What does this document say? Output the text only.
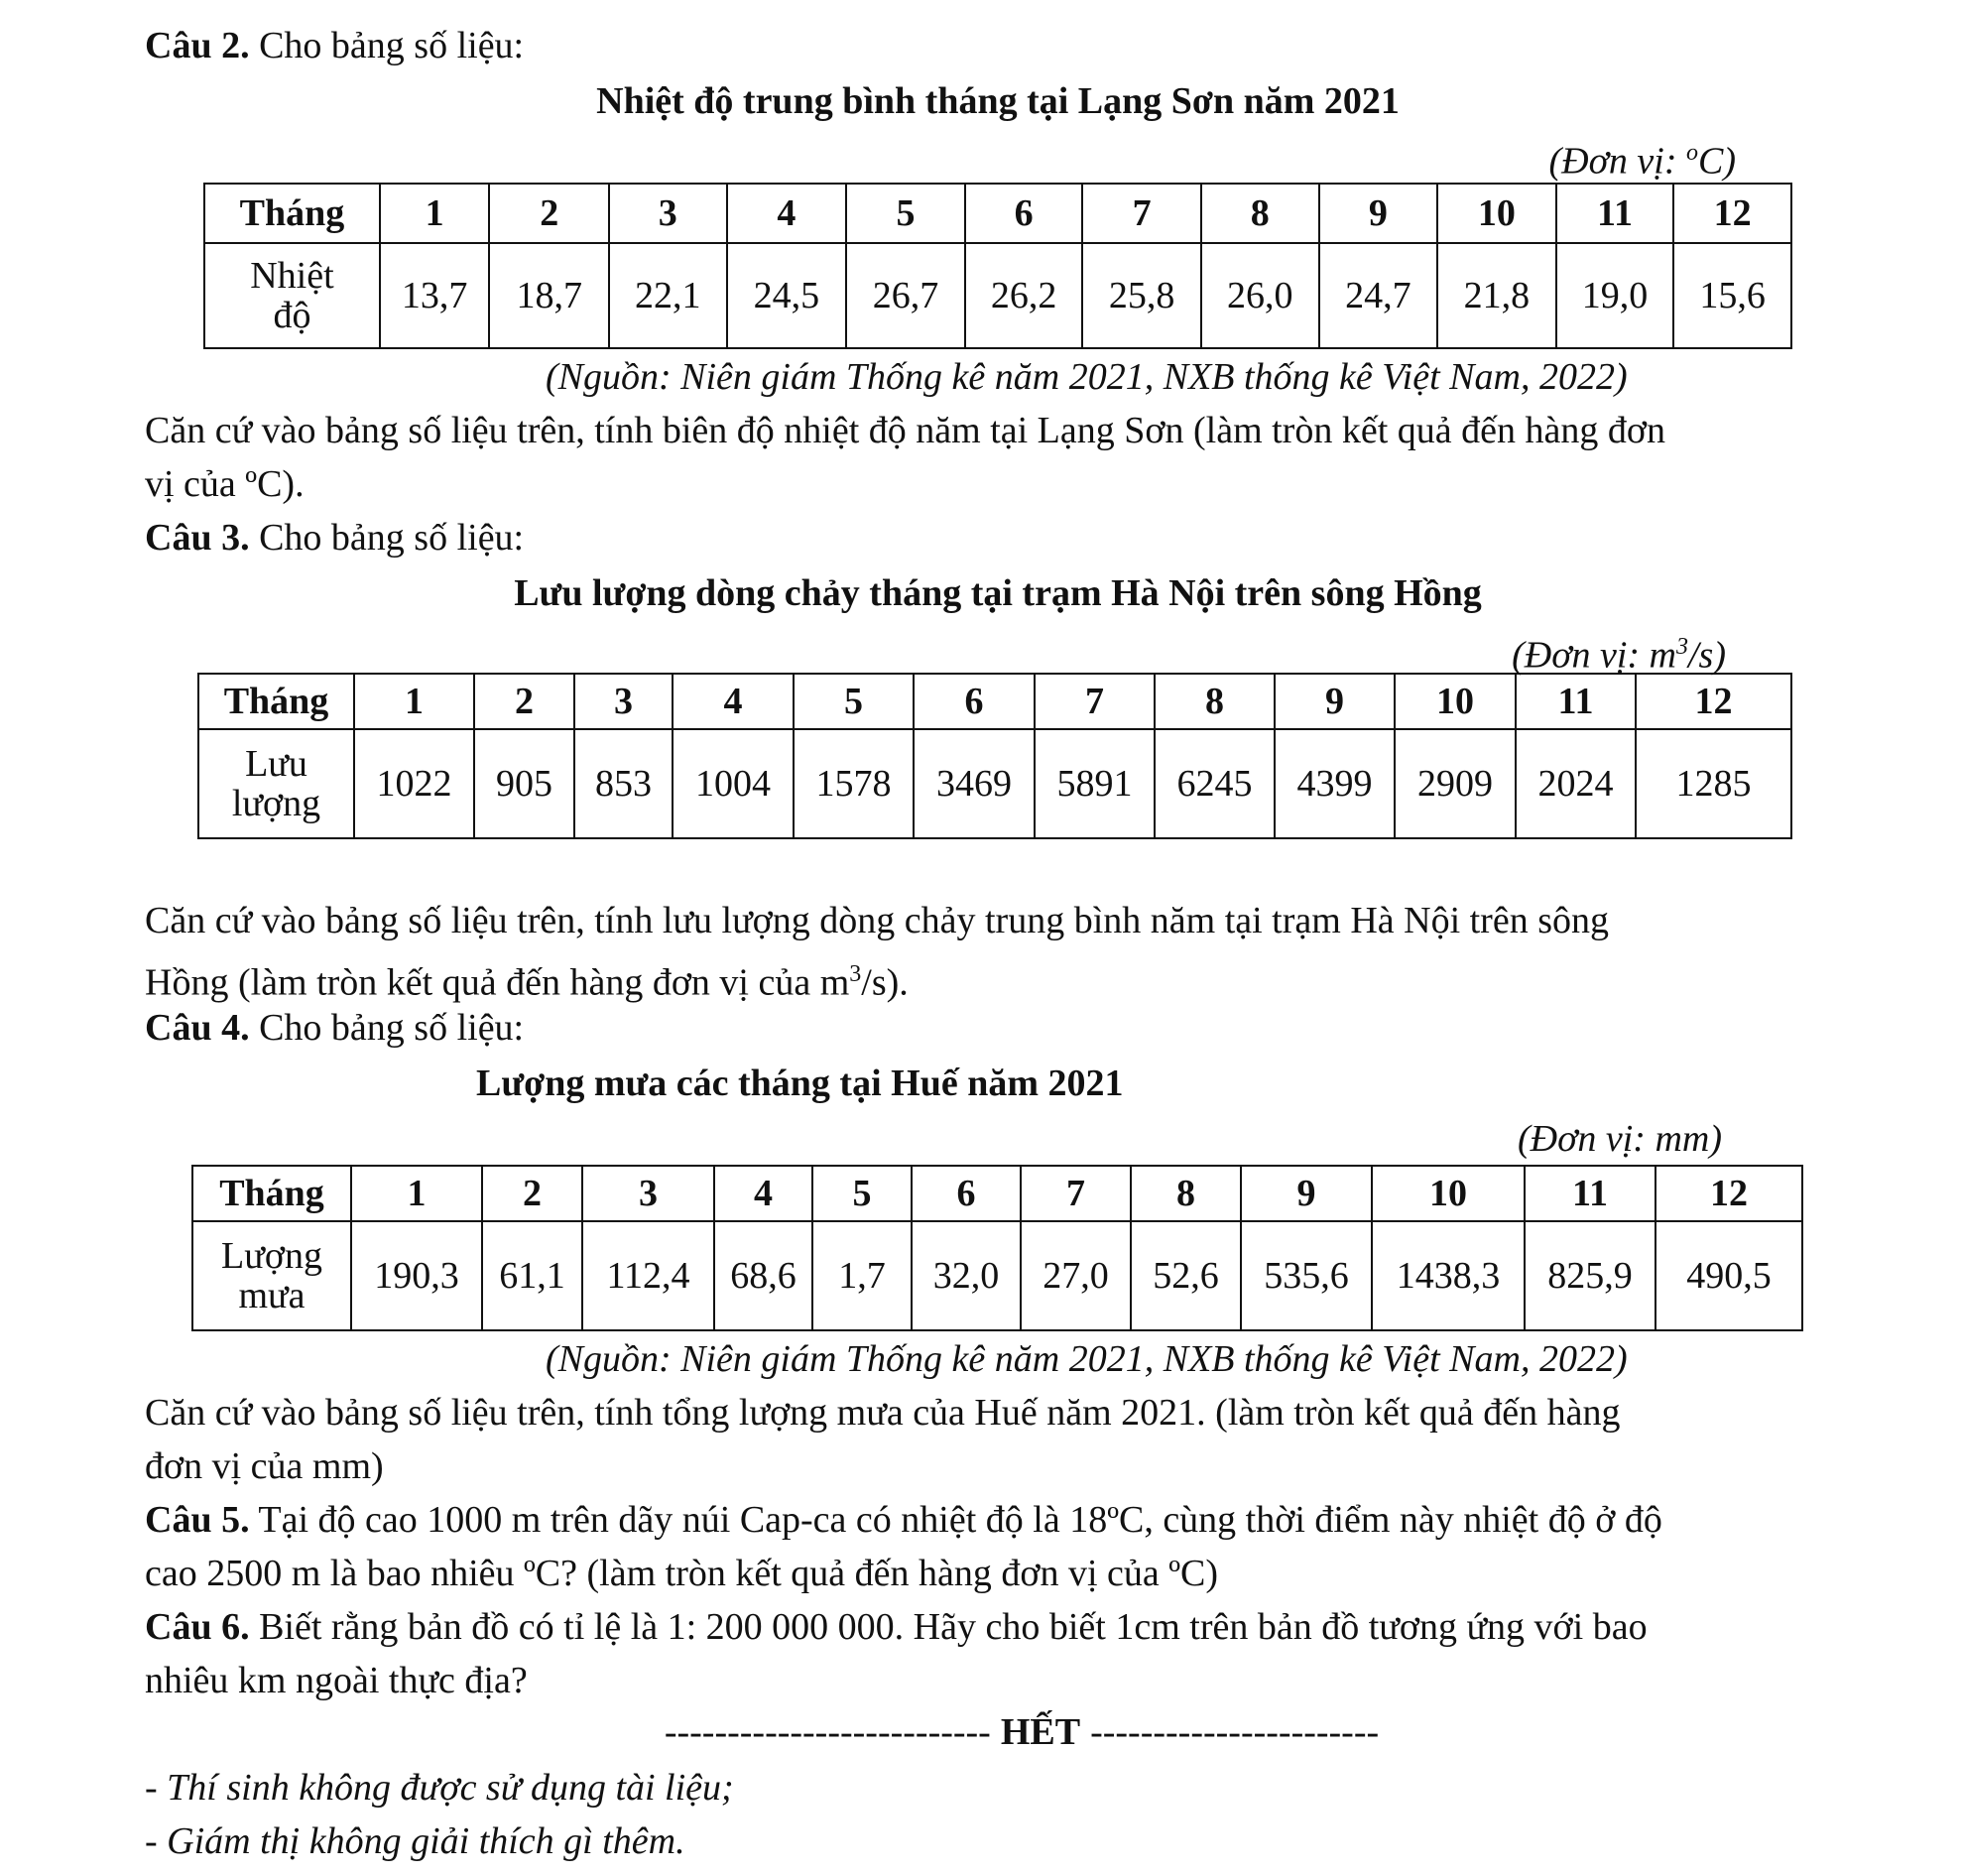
Câu 2. Cho bảng số liệu:
Nhiệt độ trung bình tháng tại Lạng Sơn năm 2021
(Đơn vị: $^o$C)
Tháng	1	2	3	4	5	6	7	8	9	10	11	12

Nhiệt
độ	13,7	18,7	22,1	24,5	26,7	26,2	25,8	26,0	24,7	21,8	19,0	15,6
(Nguồn: Niên giám Thống kê năm 2021, NXB thống kê Việt Nam, 2022)
Căn cứ vào bảng số liệu trên, tính biên độ nhiệt độ năm tại Lạng Sơn (làm tròn kết quả đến hàng đơn
vị của ºC).
Câu 3. Cho bảng số liệu:
Lưu lượng dòng chảy tháng tại trạm Hà Nội trên sông Hồng
(Đơn vị: $m^3/s$)
Tháng	1	2	3	4	5	6	7	8	9	10	11	12

Lưu
lượng	1022	905	853	1004	1578	3469	5891	6245	4399	2909	2024	1285
Căn cứ vào bảng số liệu trên, tính lưu lượng dòng chảy trung bình năm tại trạm Hà Nội trên sông
Hồng (làm tròn kết quả đến hàng đơn vị của $m^3/s$).
Câu 4. Cho bảng số liệu:
Lượng mưa các tháng tại Huế năm 2021
(Đơn vị: mm)
Tháng	1	2	3	4	5	6	7	8	9	10	11	12

Lượng
mưa	190,3	61,1	112,4	68,6	1,7	32,0	27,0	52,6	535,6	1438,3	825,9	490,5
(Nguồn: Niên giám Thống kê năm 2021, NXB thống kê Việt Nam, 2022)
Căn cứ vào bảng số liệu trên, tính tổng lượng mưa của Huế năm 2021. (làm tròn kết quả đến hàng
đơn vị của mm)
Câu 5. Tại độ cao 1000 m trên dãy núi Cap-ca có nhiệt độ là 18ºC, cùng thời điểm này nhiệt độ ở độ
cao 2500 m là bao nhiêu ºC? (làm tròn kết quả đến hàng đơn vị của ºC)
Câu 6. Biết rằng bản đồ có tỉ lệ là 1: 200 000 000. Hãy cho biết 1cm trên bản đồ tương ứng với bao
nhiêu km ngoài thực địa?
-------------------------- HẾT -----------------------
- Thí sinh không được sử dụng tài liệu;
- Giám thị không giải thích gì thêm.
